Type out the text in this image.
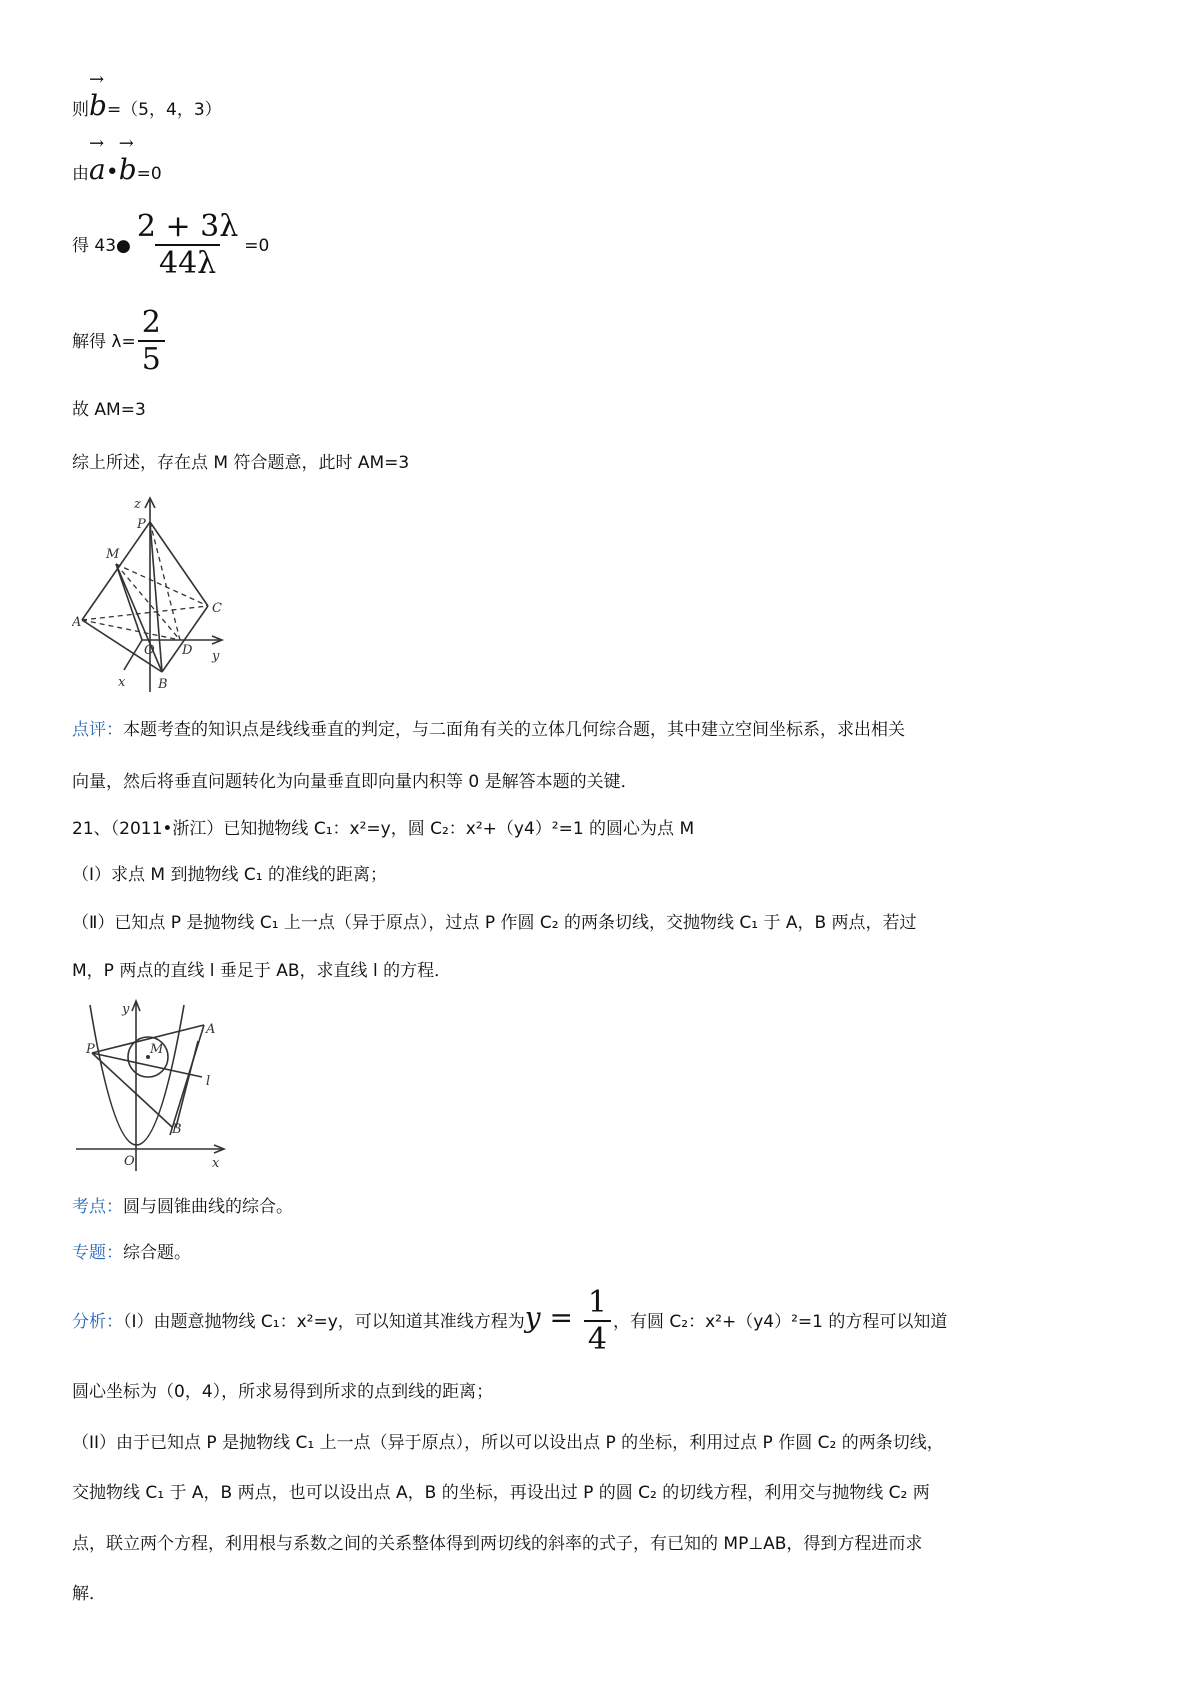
则
→
b=（5，4，3）
由
→
a•
→
b=0
得 43● $\frac{2 + 3\lambda}{44\lambda} =0$
解得 $\lambda= \frac{2}{5}$
故 AM=3
综上所述，存在点 M 符合题意，此时 AM=3
z
P
M
A
C
O D y
x	B
点评：本题考查的知识点是线线垂直的判定，与二面角有关的立体几何综合题，其中建立空间坐标系，求出相关
向量，然后将垂直问题转化为向量垂直即向量内积等 0 是解答本题的关键．
21、（2011•浙江）已知抛物线 C₁：x²=y，圆 C₂：x²+（y4）²=1 的圆心为点 M
（Ⅰ）求点 M 到抛物线 C₁ 的准线的距离；
（Ⅱ）已知点 P 是抛物线 C₁ 上一点（异于原点），过点 P 作圆 C₂ 的两条切线，交抛物线 C₁ 于 A，B 两点，若过
M，P 两点的直线 l 垂足于 AB，求直线 l 的方程．
y
A
P	M
l
B
O	x
考点：圆与圆锥曲线的综合。
专题：综合题。
分析：（I）由题意抛物线 C₁：x²=y，可以知道其准线方程为$y = \frac{1}{4}$ ，有圆 C₂：x²+（y4）²=1 的方程可以知道
圆心坐标为（0，4），所求易得到所求的点到线的距离；
（II）由于已知点 P 是抛物线 C₁ 上一点（异于原点），所以可以设出点 P 的坐标，利用过点 P 作圆 C₂ 的两条切线，
交抛物线 C₁ 于 A，B 两点，也可以设出点 A，B 的坐标，再设出过 P 的圆 C₂ 的切线方程，利用交与抛物线 C₂ 两
点，联立两个方程，利用根与系数之间的关系整体得到两切线的斜率的式子，有已知的 MP⊥AB，得到方程进而求
解．
